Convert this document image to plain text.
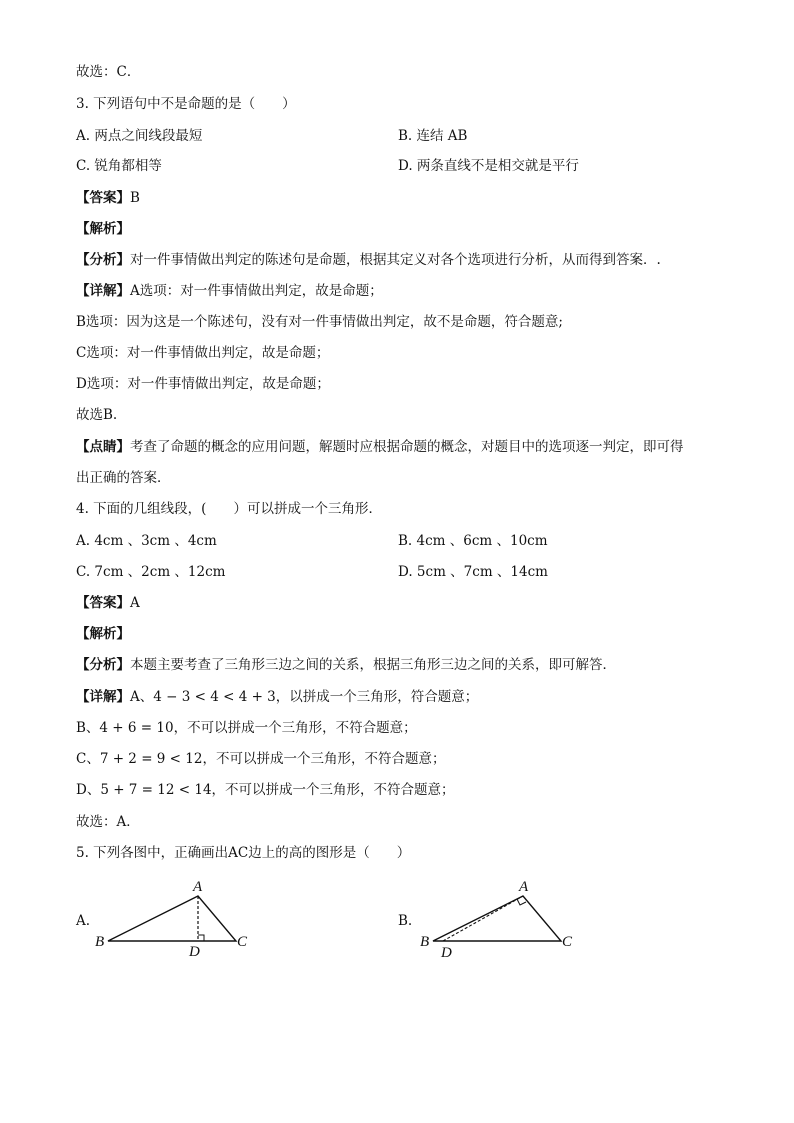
故选：C．
3. 下列语句中不是命题的是（　　）
A. 两点之间线段最短	B. 连结 AB
C. 锐角都相等	D. 两条直线不是相交就是平行
【答案】B
【解析】
【分析】对一件事情做出判定的陈述句是命题，根据其定义对各个选项进行分析，从而得到答案．.
【详解】A选项：对一件事情做出判定，故是命题；
B选项：因为这是一个陈述句，没有对一件事情做出判定，故不是命题，符合题意;
C选项：对一件事情做出判定，故是命题；
D选项：对一件事情做出判定，故是命题；
故选B.
【点睛】考查了命题的概念的应用问题，解题时应根据命题的概念，对题目中的选项逐一判定，即可得
出正确的答案．
4. 下面的几组线段，(　　）可以拼成一个三角形．
A. 4cm 、3cm 、4cm	B. 4cm 、6cm 、10cm
C. 7cm 、2cm 、12cm	D. 5cm 、7cm 、14cm
【答案】A
【解析】
【分析】本题主要考查了三角形三边之间的关系，根据三角形三边之间的关系，即可解答．
【详解】A、4 − 3 < 4 < 4 + 3，以拼成一个三角形，符合题意；
B、4 + 6 = 10，不可以拼成一个三角形，不符合题意；
C、7 + 2 = 9 < 12，不可以拼成一个三角形，不符合题意；
D、5 + 7 = 12 < 14，不可以拼成一个三角形，不符合题意；
故选：A．
5. 下列各图中，正确画出AC边上的高的图形是（　　）
A.
A
B	C
D
B.
A
B	C
D
